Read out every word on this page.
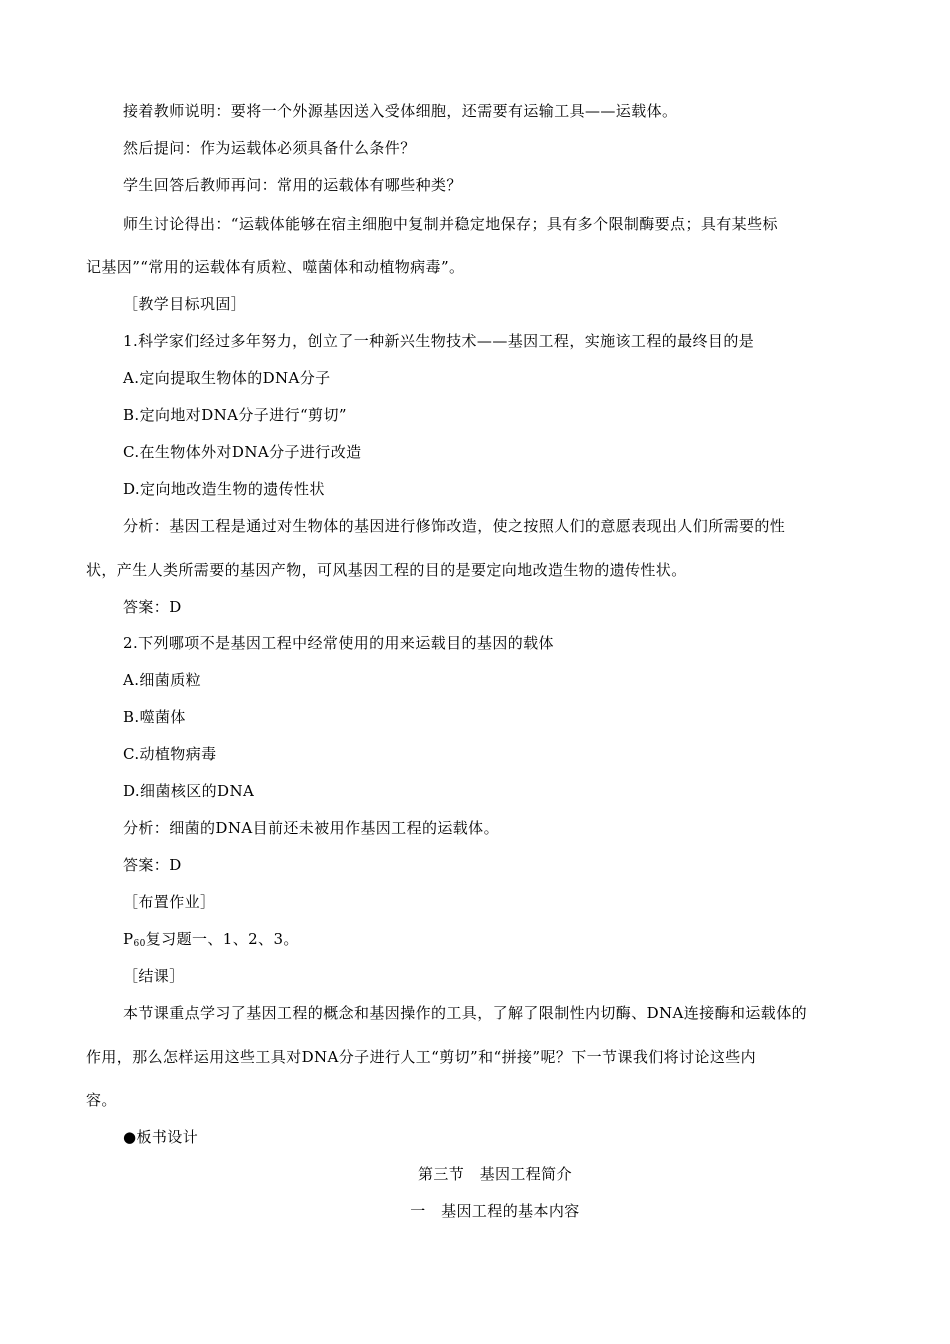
接着教师说明：要将一个外源基因送入受体细胞，还需要有运输工具——运载体。
然后提问：作为运载体必须具备什么条件？
学生回答后教师再问：常用的运载体有哪些种类？
师生讨论得出：“运载体能够在宿主细胞中复制并稳定地保存；具有多个限制酶要点；具有某些标
记基因”“常用的运载体有质粒、噬菌体和动植物病毒”。
［教学目标巩固］
1.科学家们经过多年努力，创立了一种新兴生物技术——基因工程，实施该工程的最终目的是
A.定向提取生物体的DNA分子
B.定向地对DNA分子进行“剪切”
C.在生物体外对DNA分子进行改造
D.定向地改造生物的遗传性状
分析：基因工程是通过对生物体的基因进行修饰改造，使之按照人们的意愿表现出人们所需要的性
状，产生人类所需要的基因产物，可风基因工程的目的是要定向地改造生物的遗传性状。
答案：D
2.下列哪项不是基因工程中经常使用的用来运载目的基因的载体
A.细菌质粒
B.噬菌体
C.动植物病毒
D.细菌核区的DNA
分析：细菌的DNA目前还未被用作基因工程的运载体。
答案：D
［布置作业］
$P_{60}$复习题一、1、2、3。
［结课］
本节课重点学习了基因工程的概念和基因操作的工具，了解了限制性内切酶、DNA连接酶和运载体的
作用，那么怎样运用这些工具对DNA分子进行人工“剪切”和“拼接”呢？下一节课我们将讨论这些内
容。
●板书设计
第三节　基因工程简介
一　基因工程的基本内容
